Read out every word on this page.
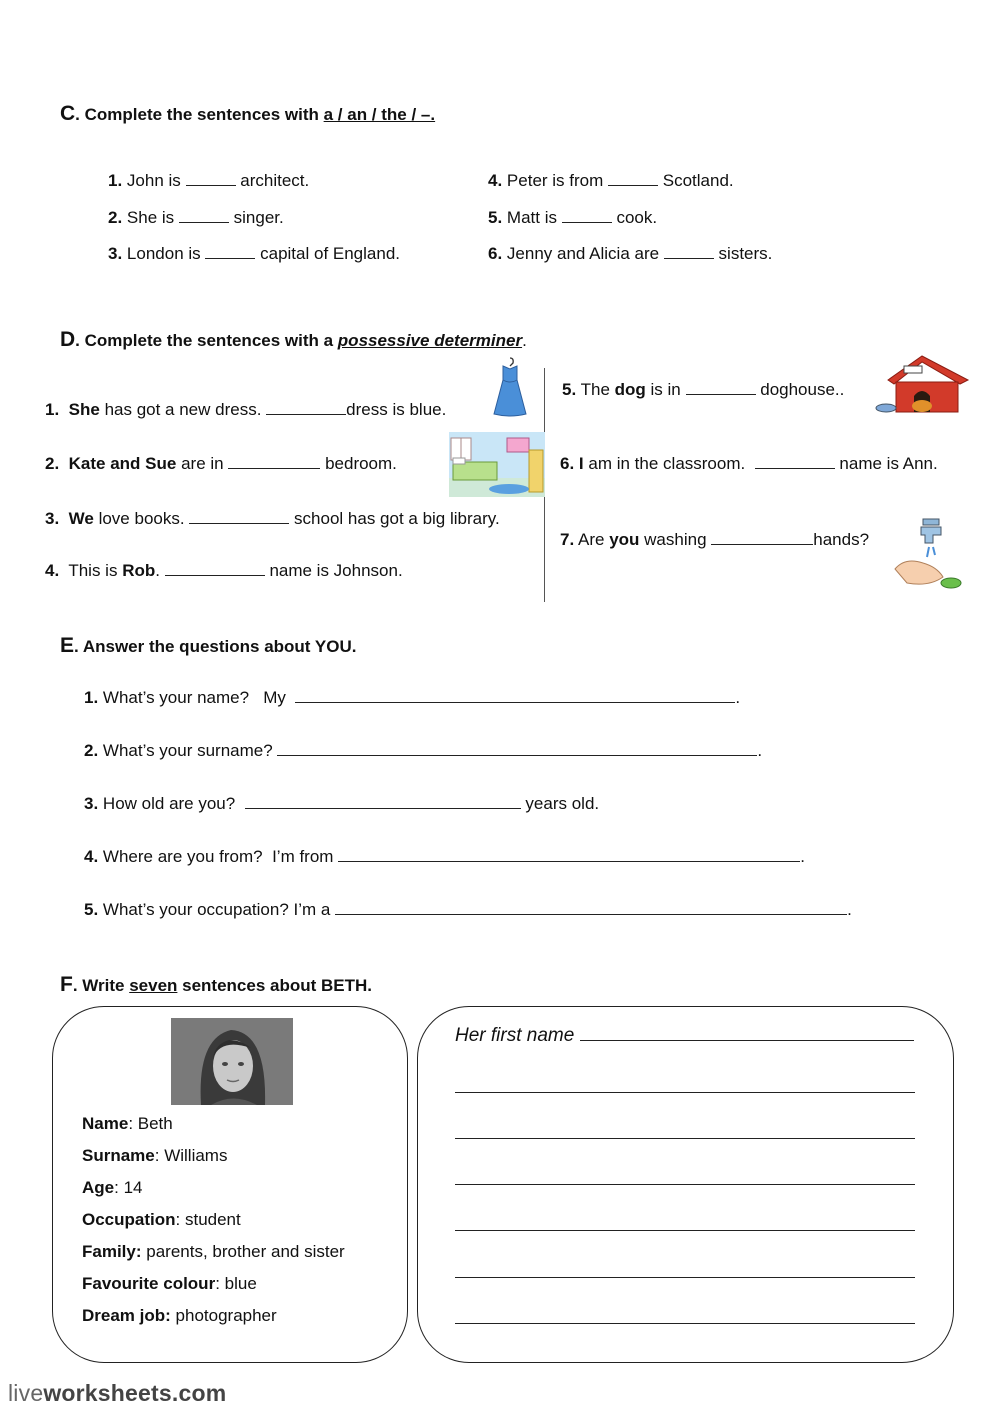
C. Complete the sentences with a / an / the / –.
1. John is	architect.
2. She is	singer.
3. London is	capital of England.
4. Peter is from	Scotland.
5. Matt is	cook.
6. Jenny and Alicia are	sisters.
D. Complete the sentences with a possessive determiner.
1. She has got a new dress.	dress is blue.
2. Kate and Sue are in	bedroom.
3. We love books.	school has got a big library.
4. This is Rob.	name is Johnson.
5. The dog is in	doghouse..
6. I am in the classroom.	name is Ann.
7. Are you washing	hands?
E. Answer the questions about YOU.
1. What’s your name? My	.
2. What’s your surname?	.
3. How old are you?	years old.
4. Where are you from? I’m from	.
5. What’s your occupation? I’m a	.
F. Write seven sentences about BETH.
Name: Beth
Surname: Williams
Age: 14
Occupation: student
Family: parents, brother and sister
Favourite colour: blue
Dream job: photographer
Her first name
liveworksheets.com
